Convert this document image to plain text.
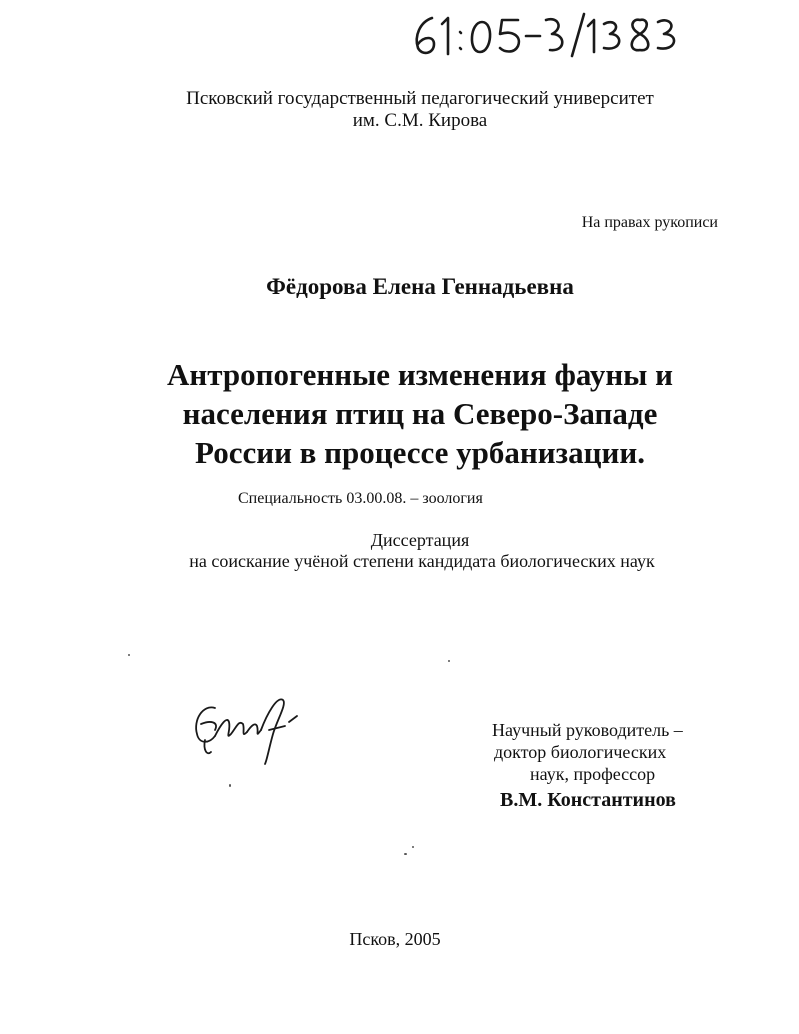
Псковский государственный педагогический университет

им. С.М. Кирова

На правах рукописи

Фёдорова Елена Геннадьевна

Антропогенные изменения фауны и

населения птиц на Северо-Западе

России в процессе урбанизации.

Специальность 03.00.08. – зоология

Диссертация

на соискание учёной степени кандидата биологических наук

Научный руководитель –

доктор биологических

наук, профессор

В.М. Константинов

Псков, 2005
